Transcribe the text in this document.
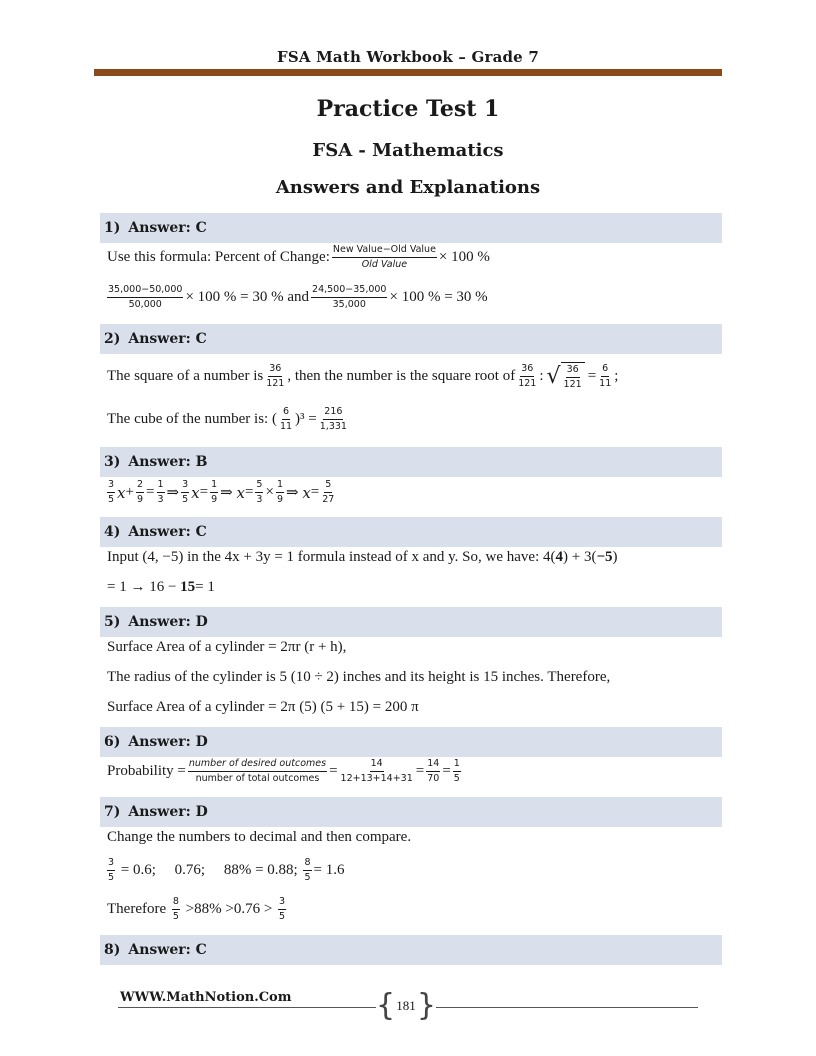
FSA Math Workbook – Grade 7
Practice Test 1
FSA - Mathematics
Answers and Explanations
1) Answer: C
Use this formula: Percent of Change: $\frac{\text{New Value−Old Value}}{\text{Old Value}} \times 100$ %
$\frac{35,000-50,000}{50,000} \times 100$ % = 30 % and $\frac{24,500-35,000}{35,000} \times 100$ % = 30 %
2) Answer: C
The square of a number is $\frac{36}{121}$ , then the number is the square root of $\frac{36}{121}$ : √ $\frac{36}{121} = \frac{6}{11}$ ;
The cube of the number is: ( $\frac{6}{11} )^3 = \frac{216}{1,331}$
3) Answer: B
$\frac{3}{5}$ $x + \frac{2}{9} = \frac{1}{3}$ ⇒ $\frac{3}{5}$ $x = \frac{1}{9}$ ⇒
$x = \frac{5}{3} \times \frac{1}{9}$ ⇒
$x = \frac{5}{27}$
4) Answer: C
Input (4, −5) in the 4x + 3y = 1 formula instead of x and y. So, we have: 4( 4 ) + 3( −5 )
= 1 → 16 −
15 = 1
5) Answer: D
Surface Area of a cylinder = 2πr (r + h),
The radius of the cylinder is 5 (10 ÷ 2) inches and its height is 15 inches. Therefore,
Surface Area of a cylinder = 2π (5) (5 + 15) = 200 π
6) Answer: D
Probability = $\frac{\text{number of desired outcomes}}{\text{number of total outcomes}} = \frac{14}{12+13+14+31} = \frac{14}{70} = \frac{1}{5}$
7) Answer: D
Change the numbers to decimal and then compare.
$\frac{3}{5} = 0.6$;     0.76;     88% = 0.88; $\frac{8}{5} = 1.6$
Therefore $\frac{8}{5} >88\% >0.76 > \frac{3}{5}$
8) Answer: C
WWW.MathNotion.Com	{ 181 }
